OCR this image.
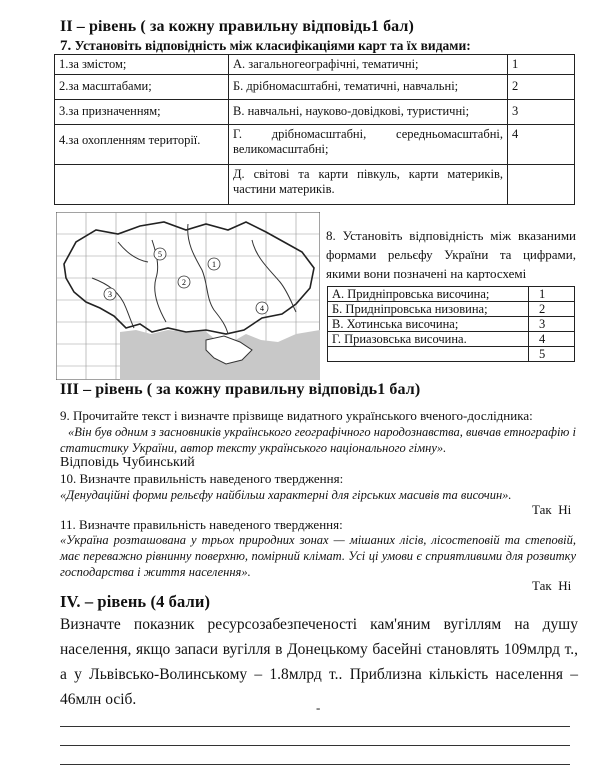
II – рівень ( за кожну правильну відповідь1 бал)
7. Установіть відповідність між класифікаціями карт та їх видами:
1.за змістом;	А. загальногеографічні, тематичні;	1
2.за масштабами;	Б. дрібномасштабні, тематичні, навчальні;	2
3.за призначенням;	В. навчальні, науково-довідкові, туристичні;	3
4.за охопленням території.	Г. дрібномасштабні, середньомасштабні, великомасштабні;	4
	Д. світові та карти півкуль, карти материків, частини материків.	
1
2
3
4
5
8. Установіть відповідність між вказаними формами рельєфу України та цифрами, якими вони позначені на картосхемі
А. Придніпровська височина;	1
Б. Придніпровська низовина;	2
В. Хотинська височина;	3
Г. Приазовська височина.	4
	5
III – рівень ( за кожну правильну відповідь1 бал)
9. Прочитайте текст і визначте прізвище видатного українського вченого-дослідника:
«Він був одним з засновників українського географічного народознавства, вивчав етнографію і статистику України, автор тексту українського національного гімну».
Відповідь Чубинський
10. Визначте правильність наведеного твердження:
«Денудаційні форми рельєфу найбільш характерні для гірських масивів та височин».
Так  Ні
11. Визначте правильність наведеного твердження:
«Україна розташована у трьох природних зонах — мішаних лісів, лісостеповій та степовій, має переважно рівнинну поверхню, помірний клімат. Усі ці умови є сприятливими для розвитку господарства і життя населення».
Так  Ні
IV. – рівень (4 бали)
Визначте показник ресурсозабезпеченості кам'яним вугіллям на душу населення, якщо запаси вугілля в Донецькому басейні становлять 109млрд т., а у Львівсько-Волинському – 1.8млрд т.. Приблизна кількість населення – 46млн осіб.	-
